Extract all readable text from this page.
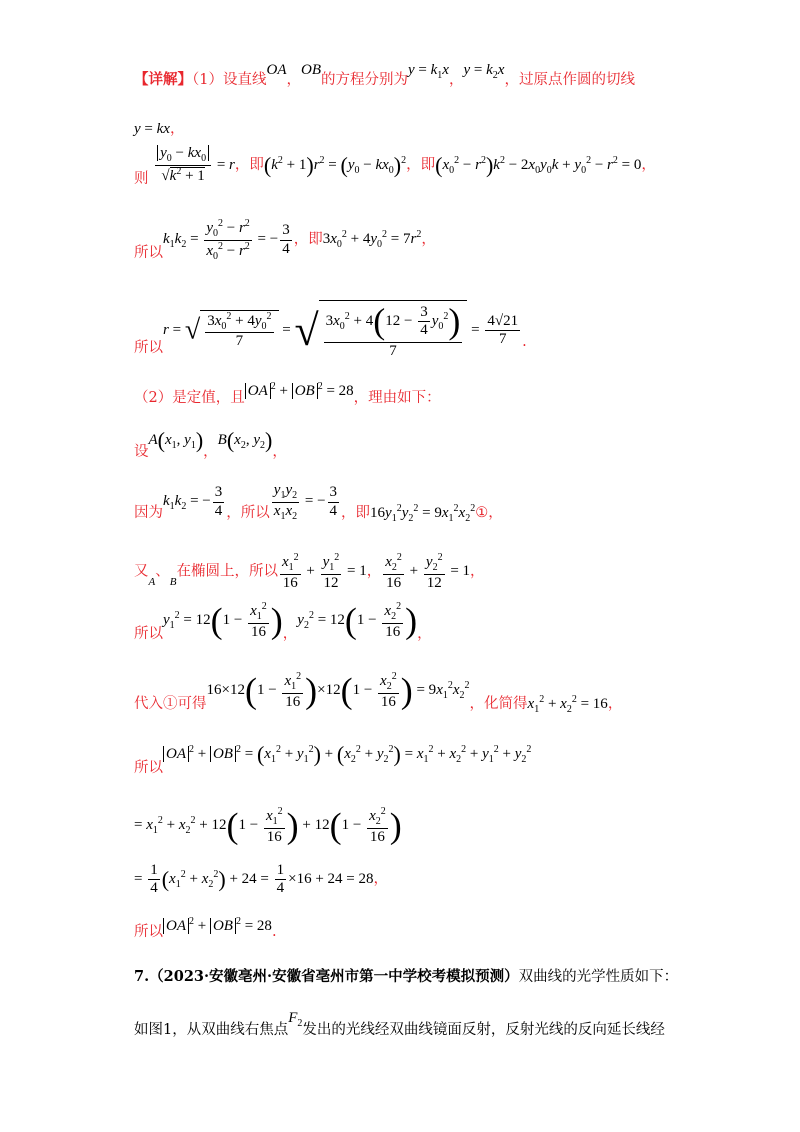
【详解】（1）设直线OA，OB的方程分别为$y = k_1x$，$y = k_2x$，过原点作圆的切线
y = kx，
则 $\frac{y_0 - kx_0}{√k^2 + 1} = r$，即$(k^2 + 1)r^2 = (y_0 - kx_0)^2$，即$(x_0^2 - r^2)k^2 - 2x_0y_0k + y_0^2 - r^2 = 0$，
所以$k_1k_2 = \frac{y_0^2 - r^2}{x_0^2 - r^2}$ = − $\frac{3}{4}$ ，即$3x_0^2 + 4y_0^2 = 7r^2$，
所以r = √ $\frac{3x_0^2 + 4y_0^2}{7}$ = √ $\frac{3x_0^2 + 4(12 - \frac{3}{4} y_0^2)}{7} = \frac{4√21}{7}$ .
（2）是定值，且 OA $^2$ + OB $^2$ = 28，理由如下：
设$A(x_1$, $y_1$)，$B(x_2$, $y_2$)，
因为$k_1k_2$ = − $\frac{3}{4}$ ，所以 $\frac{y_1y_2}{x_1x_2}$ = − $\frac{3}{4}$ ，即$16y_1^2y_2^2$ = $9x_1^2x_2^2①$，
又$_A$、$_B$在椭圆上，所以 $\frac{x_1^2}{16} + \frac{y_1^2}{12} = 1$， $\frac{x_2^2}{16} + \frac{y_2^2}{12} = 1$，
所以$y_1^2 = 12(1 - \frac{x_1^2}{16}$ )，$y_2^2 = 12(1 - \frac{x_2^2}{16}$ )，
代入①可得$16\times 12(1 - \frac{x_1^2}{16} )\times 12(1 - \frac{x_2^2}{16}$ ) = $9x_1^2x_2^2$，化简得$x_1^2 + x_2^2 = 16$，
所以OA $^2$ + OB $^2 = (x_1^2 + y_1^2) + (x_2^2 + y_2^2) = x_1^2 + x_2^2 + y_1^2 + y_2^2$
= $x_1^2 + x_2^2 + 12(1 - \frac{x_1^2}{16}$ ) + $12(1 - \frac{x_2^2}{16}$ )
= $\frac{1}{4} (x_1^2 + x_2^2) + 24 = \frac{1}{4} \times 16 + 24 = 28$，
所以 OA $^2$ + OB $^2$ = 28.
7.（2023·安徽亳州·安徽省亳州市第一中学校考模拟预测）双曲线的光学性质如下：
如图1，从双曲线右焦点$F_2$发出的光线经双曲线镜面反射，反射光线的反向延长线经
